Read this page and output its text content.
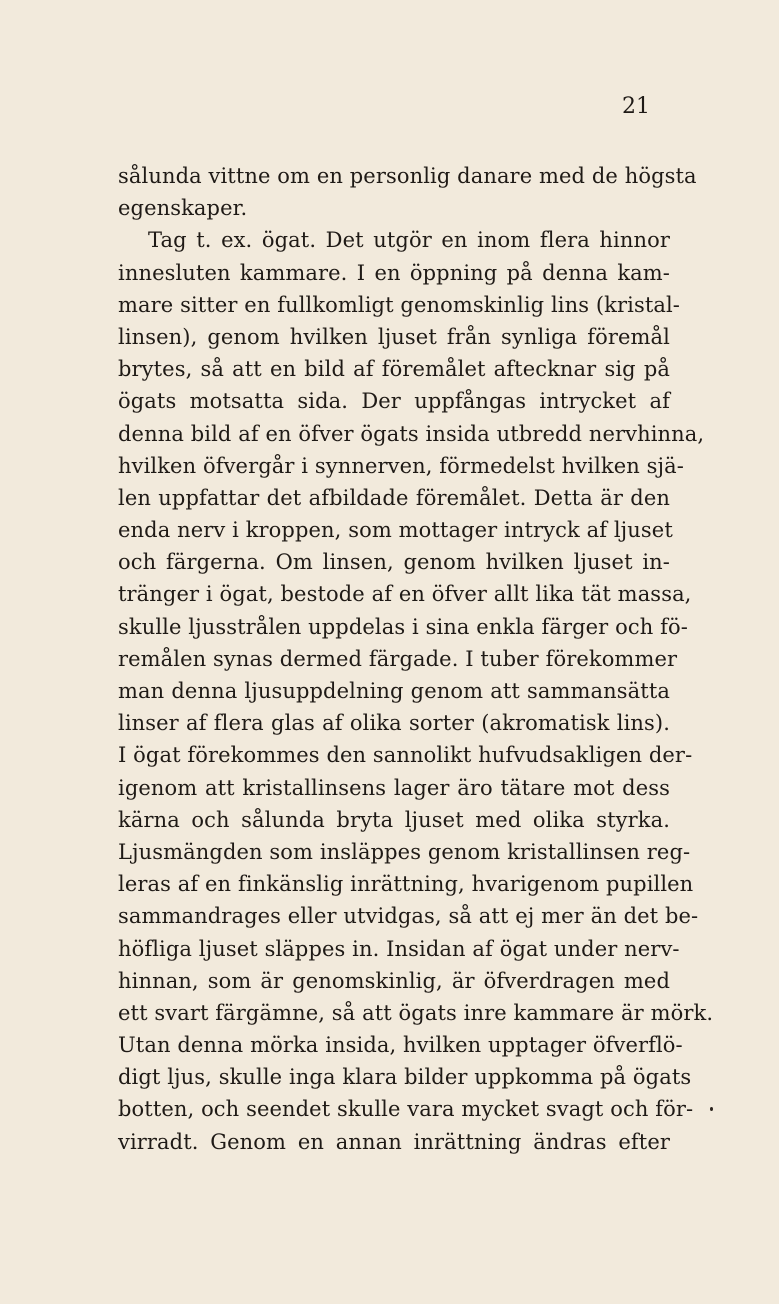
21
sålunda vittne om en personlig danare med de högsta
egenskaper.
Tag t. ex. ögat. Det utgör en inom flera hinnor
innesluten kammare. I en öppning på denna kam-
mare sitter en fullkomligt genomskinlig lins (kristal-
linsen), genom hvilken ljuset från synliga föremål
brytes, så att en bild af föremålet aftecknar sig på
ögats motsatta sida. Der uppfångas intrycket af
denna bild af en öfver ögats insida utbredd nervhinna,
hvilken öfvergår i synnerven, förmedelst hvilken sjä-
len uppfattar det afbildade föremålet. Detta är den
enda nerv i kroppen, som mottager intryck af ljuset
och färgerna. Om linsen, genom hvilken ljuset in-
tränger i ögat, bestode af en öfver allt lika tät massa,
skulle ljusstrålen uppdelas i sina enkla färger och fö-
remålen synas dermed färgade. I tuber förekommer
man denna ljusuppdelning genom att sammansätta
linser af flera glas af olika sorter (akromatisk lins).
I ögat förekommes den sannolikt hufvudsakligen der-
igenom att kristallinsens lager äro tätare mot dess
kärna och sålunda bryta ljuset med olika styrka.
Ljusmängden som insläppes genom kristallinsen reg-
leras af en finkänslig inrättning, hvarigenom pupillen
sammandrages eller utvidgas, så att ej mer än det be-
höfliga ljuset släppes in. Insidan af ögat under nerv-
hinnan, som är genomskinlig, är öfverdragen med
ett svart färgämne, så att ögats inre kammare är mörk.
Utan denna mörka insida, hvilken upptager öfverflö-
digt ljus, skulle inga klara bilder uppkomma på ögats
botten, och seendet skulle vara mycket svagt och för-
virradt. Genom en annan inrättning ändras efter
